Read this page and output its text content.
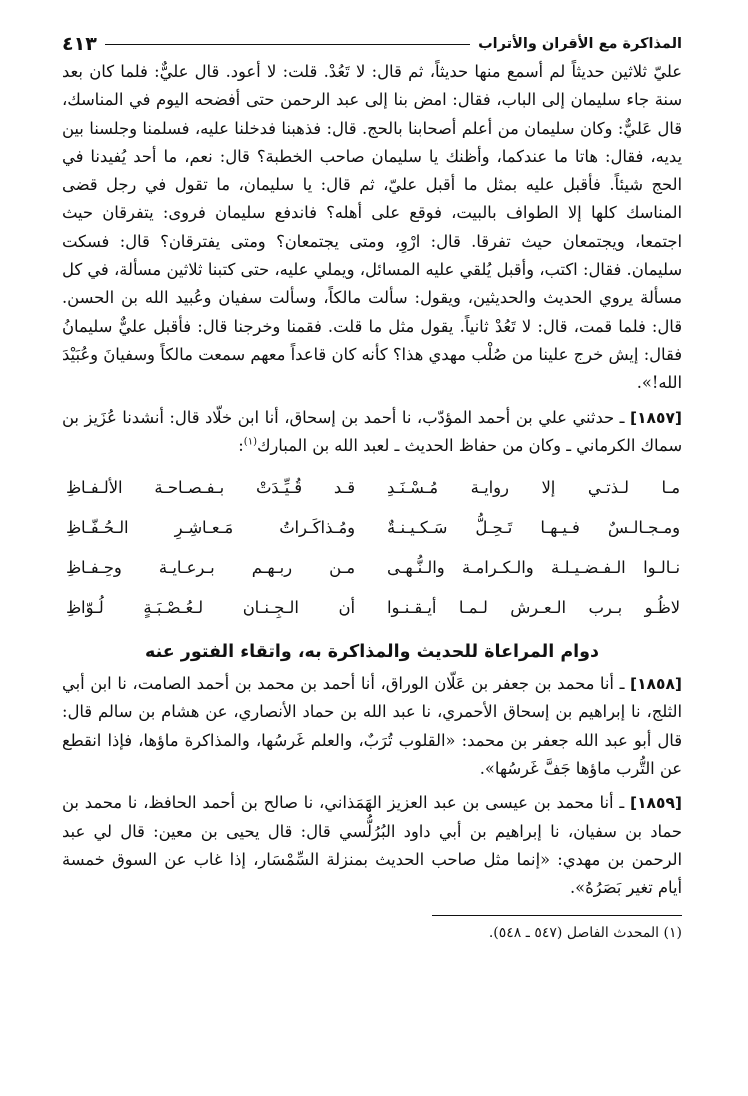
المذاكرة مع الأقران والأتراب
٤١٣

عليّ ثلاثين حديثاً لم أسمع منها حديثاً، ثم قال: لا تَعُدْ. قلت: لا أعود. قال عليٌّ: فلما كان بعد سنة جاء سليمان إلى الباب، فقال: امض بنا إلى عبد الرحمن حتى أفضحه اليوم في المناسك، قال عَليٌّ: وكان سليمان من أعلم أصحابنا بالحج. قال: فذهبنا فدخلنا عليه، فسلمنا وجلسنا بين يديه، فقال: هاتا ما عندكما، وأظنك يا سليمان صاحب الخطبة؟ قال: نعم، ما أحد يُفيدنا في الحج شيئاً. فأقبل عليه بمثل ما أقبل عليّ، ثم قال: يا سليمان، ما تقول في رجل قضى المناسك كلها إلا الطواف بالبيت، فوقع على أهله؟ فاندفع سليمان فروى: يتفرقان حيث اجتمعا، ويجتمعان حيث تفرقا. قال: ارْوِ، ومتى يجتمعان؟ ومتى يفترقان؟ قال: فسكت سليمان. فقال: اكتب، وأقبل يُلقي عليه المسائل، ويملي عليه، حتى كتبنا ثلاثين مسألة، في كل مسألة يروي الحديث والحديثين، ويقول: سألت مالكاً، وسألت سفيان وعُبيد الله بن الحسن. قال: فلما قمت، قال: لا تَعُدْ ثانياً. يقول مثل ما قلت. فقمنا وخرجنا قال: فأقبل عليٌّ سليمانُ فقال: إيش خرج علينا من صُلْب مهدي هذا؟ كأنه كان قاعداً معهم سمعت مالكاً وسفيانَ وعُبَيْدَ الله!».

[١٨٥٧] ـ حدثني علي بن أحمد المؤدّب، نا أحمد بن إسحاق، أنا ابن خلّاد قال: أنشدنا عُزَيز بن سماك الكرماني ـ وكان من حفاظ الحديث ـ لعبد الله بن المبارك$^{(١)}$:

مـا لـذتـي إلا روايـة مُـسْـنَـدِ
قـد قُـيِّـدَتْ بـفـصـاحـة الألـفـاظِ
ومـجـالـسٌ فـيـهـا تَـحِـلُّ سَـكـيـنـةٌ
ومُـذاكَـراتُ مَـعـاشِـرِ الـحُـفّـاظِ
نـالـوا الـفـضـيـلـة والـكـرامـة والـنُّـهـى
مـن ربـهـم بـرعـايـة وحِـفـاظِ
لاظُـو بـرب الـعـرش لـمـا أيـقـنـوا
أن الـجِـنـان لـعُـصْـبَـةٍ لُـوّاظِ
دوام المراعاة للحديث والمذاكرة به، واتقاء الفتور عنه

[١٨٥٨] ـ أنا محمد بن جعفر بن عَلّان الوراق، أنا أحمد بن محمد بن أحمد الصامت، نا ابن أبي الثلج، نا إبراهيم بن إسحاق الأحمري، نا عبد الله بن حماد الأنصاري، عن هشام بن سالم قال: قال أبو عبد الله جعفر بن محمد: «القلوب تُرَبٌ، والعلم غَرسُها، والمذاكرة ماؤها، فإذا انقطع عن التُّرب ماؤها جَفَّ غَرسُها».

[١٨٥٩] ـ أنا محمد بن عيسى بن عبد العزيز الهَمَذاني، نا صالح بن أحمد الحافظ، نا محمد بن حماد بن سفيان، نا إبراهيم بن أبي داود البُرُلُّسي قال: قال يحيى بن معين: قال لي عبد الرحمن بن مهدي: «إنما مثل صاحب الحديث بمنزلة السِّمْسَار، إذا غاب عن السوق خمسة أيام تغير بَصَرُهُ».

(١) المحدث الفاصل (٥٤٧ ـ ٥٤٨).
